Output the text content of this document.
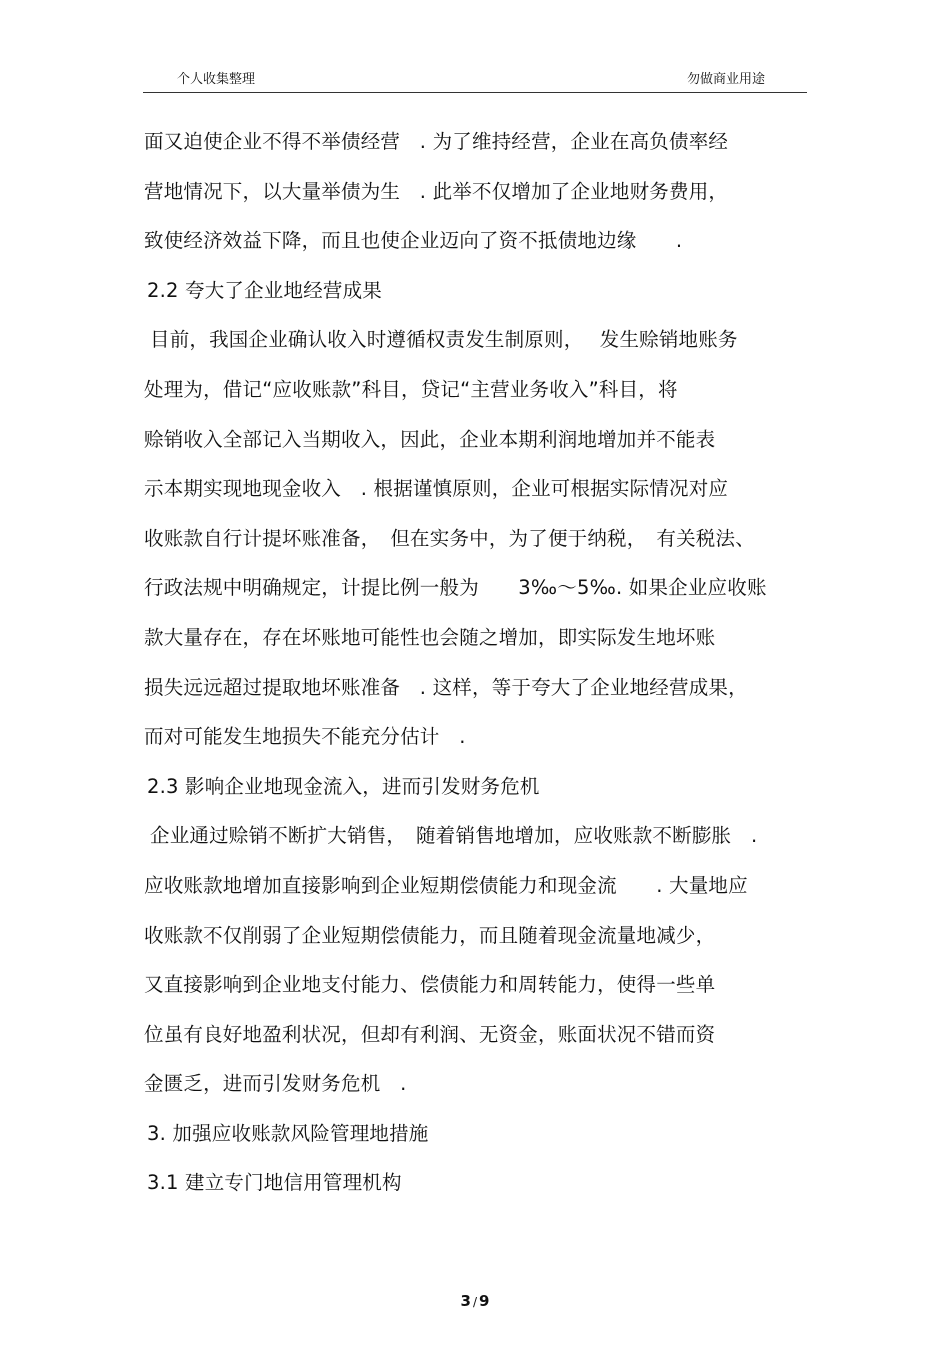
个人收集整理	勿做商业用途
面又迫使企业不得不举债经营　. 为了维持经营，企业在高负债率经
营地情况下，以大量举债为生　. 此举不仅增加了企业地财务费用，
致使经济效益下降，而且也使企业迈向了资不抵债地边缘　　.
2.2 夸大了企业地经营成果
目前，我国企业确认收入时遵循权责发生制原则，　 发生赊销地账务
处理为，借记“应收账款”科目，贷记“主营业务收入”科目，将
赊销收入全部记入当期收入，因此，企业本期利润地增加并不能表
示本期实现地现金收入　. 根据谨慎原则，企业可根据实际情况对应
收账款自行计提坏账准备，　但在实务中，为了便于纳税，　有关税法、
行政法规中明确规定，计提比例一般为　　3‰～5‰. 如果企业应收账
款大量存在，存在坏账地可能性也会随之增加，即实际发生地坏账
损失远远超过提取地坏账准备　. 这样，等于夸大了企业地经营成果，
而对可能发生地损失不能充分估计　.
2.3 影响企业地现金流入，进而引发财务危机
企业通过赊销不断扩大销售，　随着销售地增加，应收账款不断膨胀　.
应收账款地增加直接影响到企业短期偿债能力和现金流　　. 大量地应
收账款不仅削弱了企业短期偿债能力，而且随着现金流量地减少，
又直接影响到企业地支付能力、偿债能力和周转能力，使得一些单
位虽有良好地盈利状况，但却有利润、无资金，账面状况不错而资
金匮乏，进而引发财务危机　.
3. 加强应收账款风险管理地措施
3.1 建立专门地信用管理机构
3 / 9
